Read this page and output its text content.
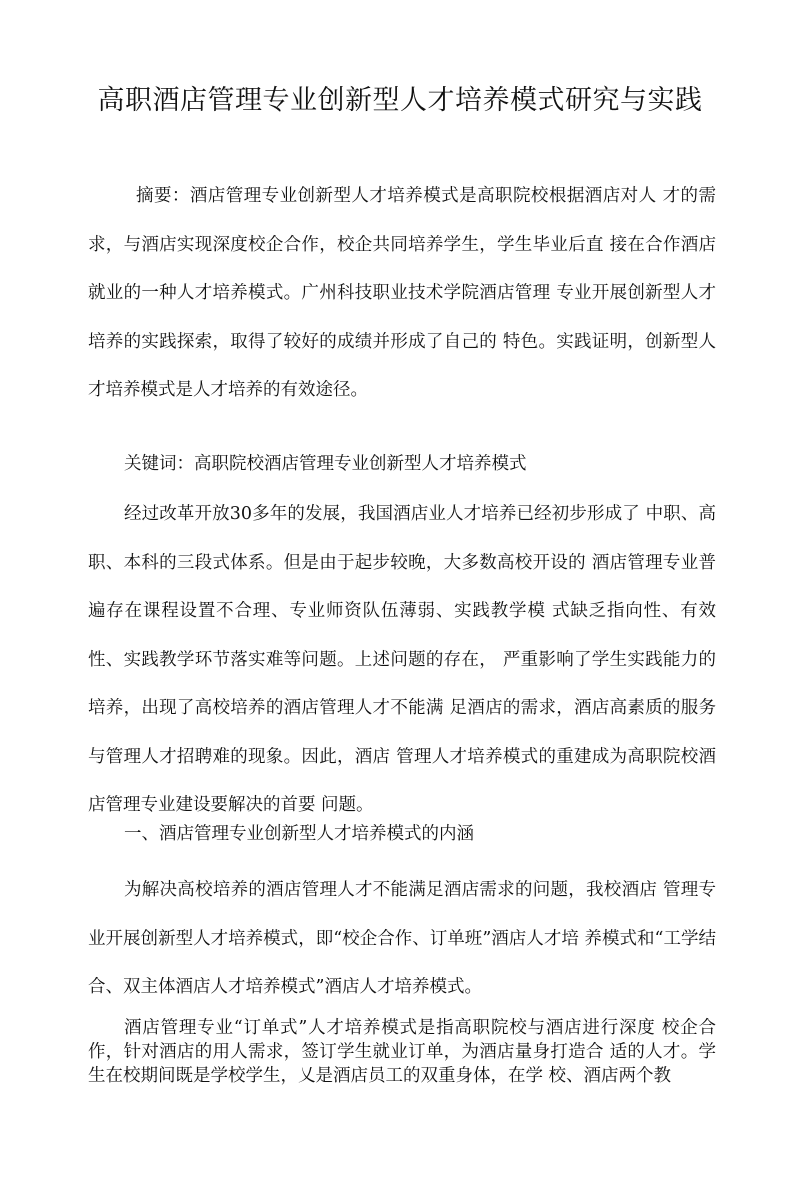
高职酒店管理专业创新型人才培养模式研究与实践
摘要：酒店管理专业创新型人才培养模式是高职院校根据酒店对人 才的需求，与酒店实现深度校企合作，校企共同培养学生，学生毕业后直 接在合作酒店就业的一种人才培养模式。广州科技职业技术学院酒店管理 专业开展创新型人才培养的实践探索，取得了较好的成绩并形成了自己的 特色。实践证明，创新型人才培养模式是人才培养的有效途径。
关键词：高职院校酒店管理专业创新型人才培养模式
经过改革开放30多年的发展，我国酒店业人才培养已经初步形成了 中职、高职、本科的三段式体系。但是由于起步较晚，大多数高校开设的 酒店管理专业普遍存在课程设置不合理、专业师资队伍薄弱、实践教学模 式缺乏指向性、有效性、实践教学环节落实难等问题。上述问题的存在， 严重影响了学生实践能力的培养，出现了高校培养的酒店管理人才不能满 足酒店的需求，酒店高素质的服务与管理人才招聘难的现象。因此，酒店 管理人才培养模式的重建成为高职院校酒店管理专业建设要解决的首要 问题。
一、酒店管理专业创新型人才培养模式的内涵
为解决高校培养的酒店管理人才不能满足酒店需求的问题，我校酒店 管理专业开展创新型人才培养模式，即“校企合作、订单班”酒店人才培 养模式和“工学结合、双主体酒店人才培养模式”酒店人才培养模式。
酒店管理专业“订单式”人才培养模式是指高职院校与酒店进行深度 校企合作，针对酒店的用人需求，签订学生就业订单，为酒店量身打造合 适的人才。学生在校期间既是学校学生，乂是酒店员工的双重身体，在学 校、酒店两个教
